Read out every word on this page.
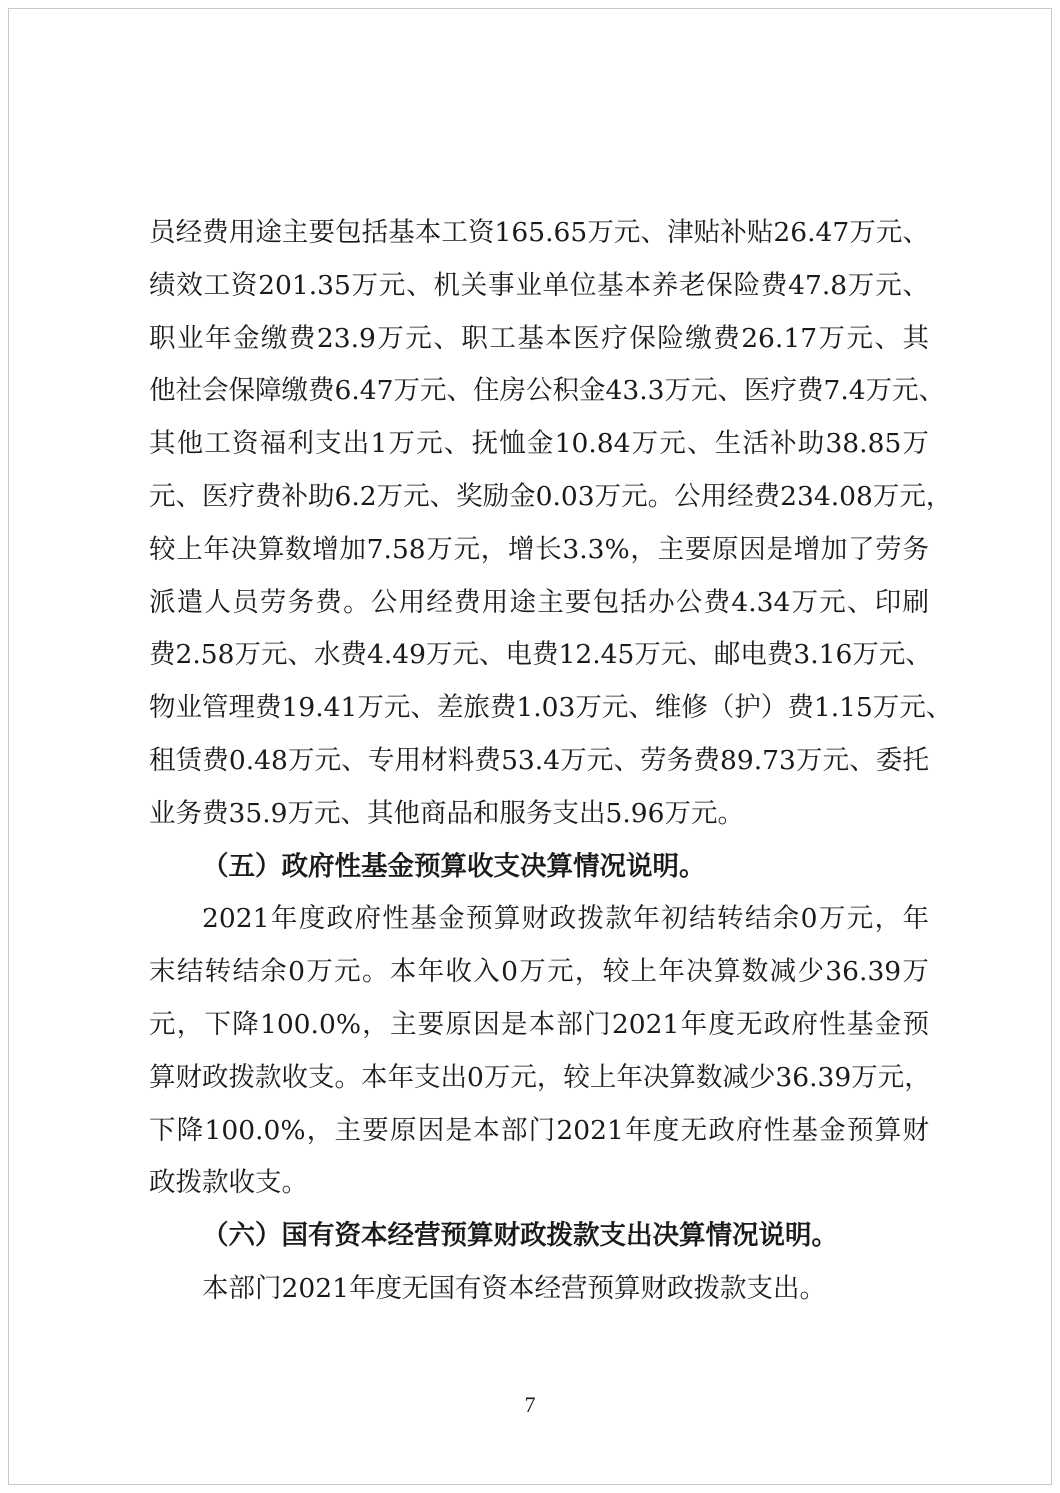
员经费用途主要包括基本工资165.65万元、津贴补贴26.47万元、
绩效工资201.35万元、机关事业单位基本养老保险费47.8万元、
职业年金缴费23.9万元、职工基本医疗保险缴费26.17万元、其
他社会保障缴费6.47万元、住房公积金43.3万元、医疗费7.4万元、
其他工资福利支出1万元、抚恤金10.84万元、生活补助38.85万
元、医疗费补助6.2万元、奖励金0.03万元。公用经费234.08万元，
较上年决算数增加7.58万元，增长3.3%，主要原因是增加了劳务
派遣人员劳务费。公用经费用途主要包括办公费4.34万元、印刷
费2.58万元、水费4.49万元、电费12.45万元、邮电费3.16万元、
物业管理费19.41万元、差旅费1.03万元、维修（护）费1.15万元、
租赁费0.48万元、专用材料费53.4万元、劳务费89.73万元、委托
业务费35.9万元、其他商品和服务支出5.96万元。
（五）政府性基金预算收支决算情况说明。
2021年度政府性基金预算财政拨款年初结转结余0万元，年
末结转结余0万元。本年收入0万元，较上年决算数减少36.39万
元，下降100.0%，主要原因是本部门2021年度无政府性基金预
算财政拨款收支。本年支出0万元，较上年决算数减少36.39万元，
下降100.0%，主要原因是本部门2021年度无政府性基金预算财
政拨款收支。
（六）国有资本经营预算财政拨款支出决算情况说明。
本部门2021年度无国有资本经营预算财政拨款支出。
7
